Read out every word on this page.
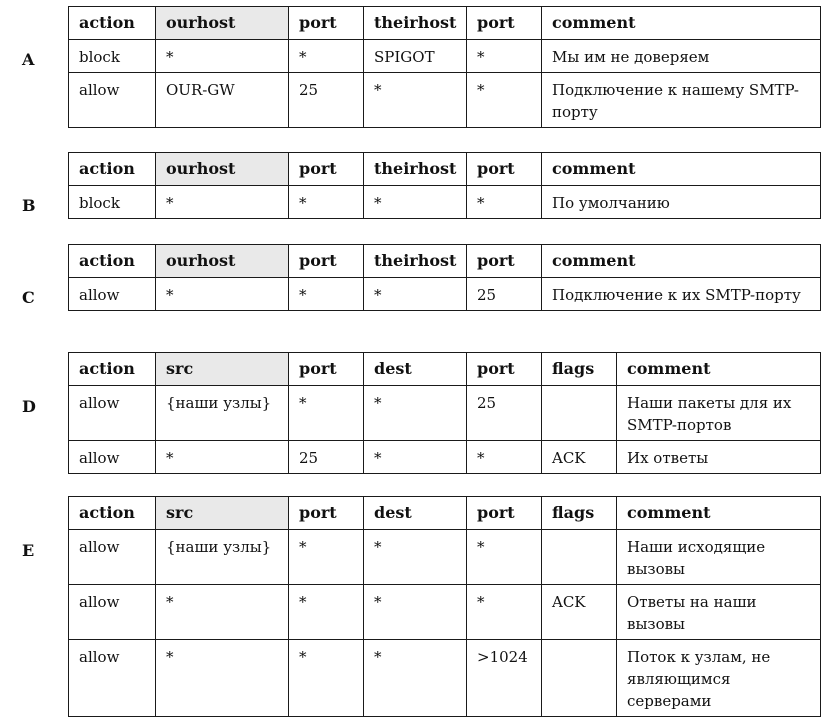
A
action	ourhost	port	theirhost	port	comment
block	*	*	SPIGOT	*	Мы им не доверяем
allow	OUR-GW	25	*	*	Подключение к нашему SMTP-порту
B
action	ourhost	port	theirhost	port	comment
block	*	*	*	*	По умолчанию
C
action	ourhost	port	theirhost	port	comment
allow	*	*	*	25	Подключение к их SMTP-порту
D
action	src	port	dest	port	flags	comment
allow	{наши узлы}	*	*	25		Наши пакеты для их SMTP-портов
allow	*	25	*	*	ACK	Их ответы
E
action	src	port	dest	port	flags	comment
allow	{наши узлы}	*	*	*		Наши исходящие вызовы
allow	*	*	*	*	ACK	Ответы на наши вызовы
allow	*	*	*	>1024		Поток к узлам, не являющимся серверами
